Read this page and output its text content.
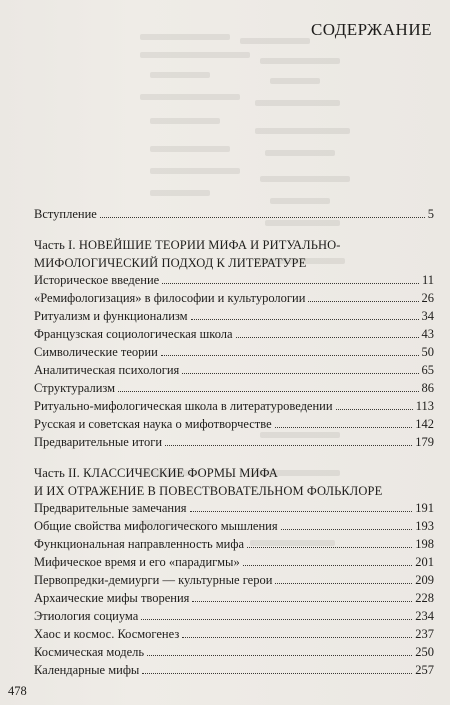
СОДЕРЖАНИЕ
Вступление	5
Часть I. НОВЕЙШИЕ ТЕОРИИ МИФА И РИТУАЛЬНО-
МИФОЛОГИЧЕСКИЙ ПОДХОД К ЛИТЕРАТУРЕ
Историческое введение	11
«Ремифологизация» в философии и культурологии	26
Ритуализм и функционализм	34
Французская социологическая школа	43
Символические теории	50
Аналитическая психология	65
Структурализм	86
Ритуально-мифологическая школа в литературоведении	113
Русская и советская наука о мифотворчестве	142
Предварительные итоги	179
Часть II. КЛАССИЧЕСКИЕ ФОРМЫ МИФА
И ИХ ОТРАЖЕНИЕ В ПОВЕСТВОВАТЕЛЬНОМ ФОЛЬКЛОРЕ
Предварительные замечания	191
Общие свойства мифологического мышления	193
Функциональная направленность мифа	198
Мифическое время и его «парадигмы»	201
Первопредки-демиурги — культурные герои	209
Архаические мифы творения	228
Этиология социума	234
Хаос и космос. Космогенез	237
Космическая модель	250
Календарные мифы	257
478
